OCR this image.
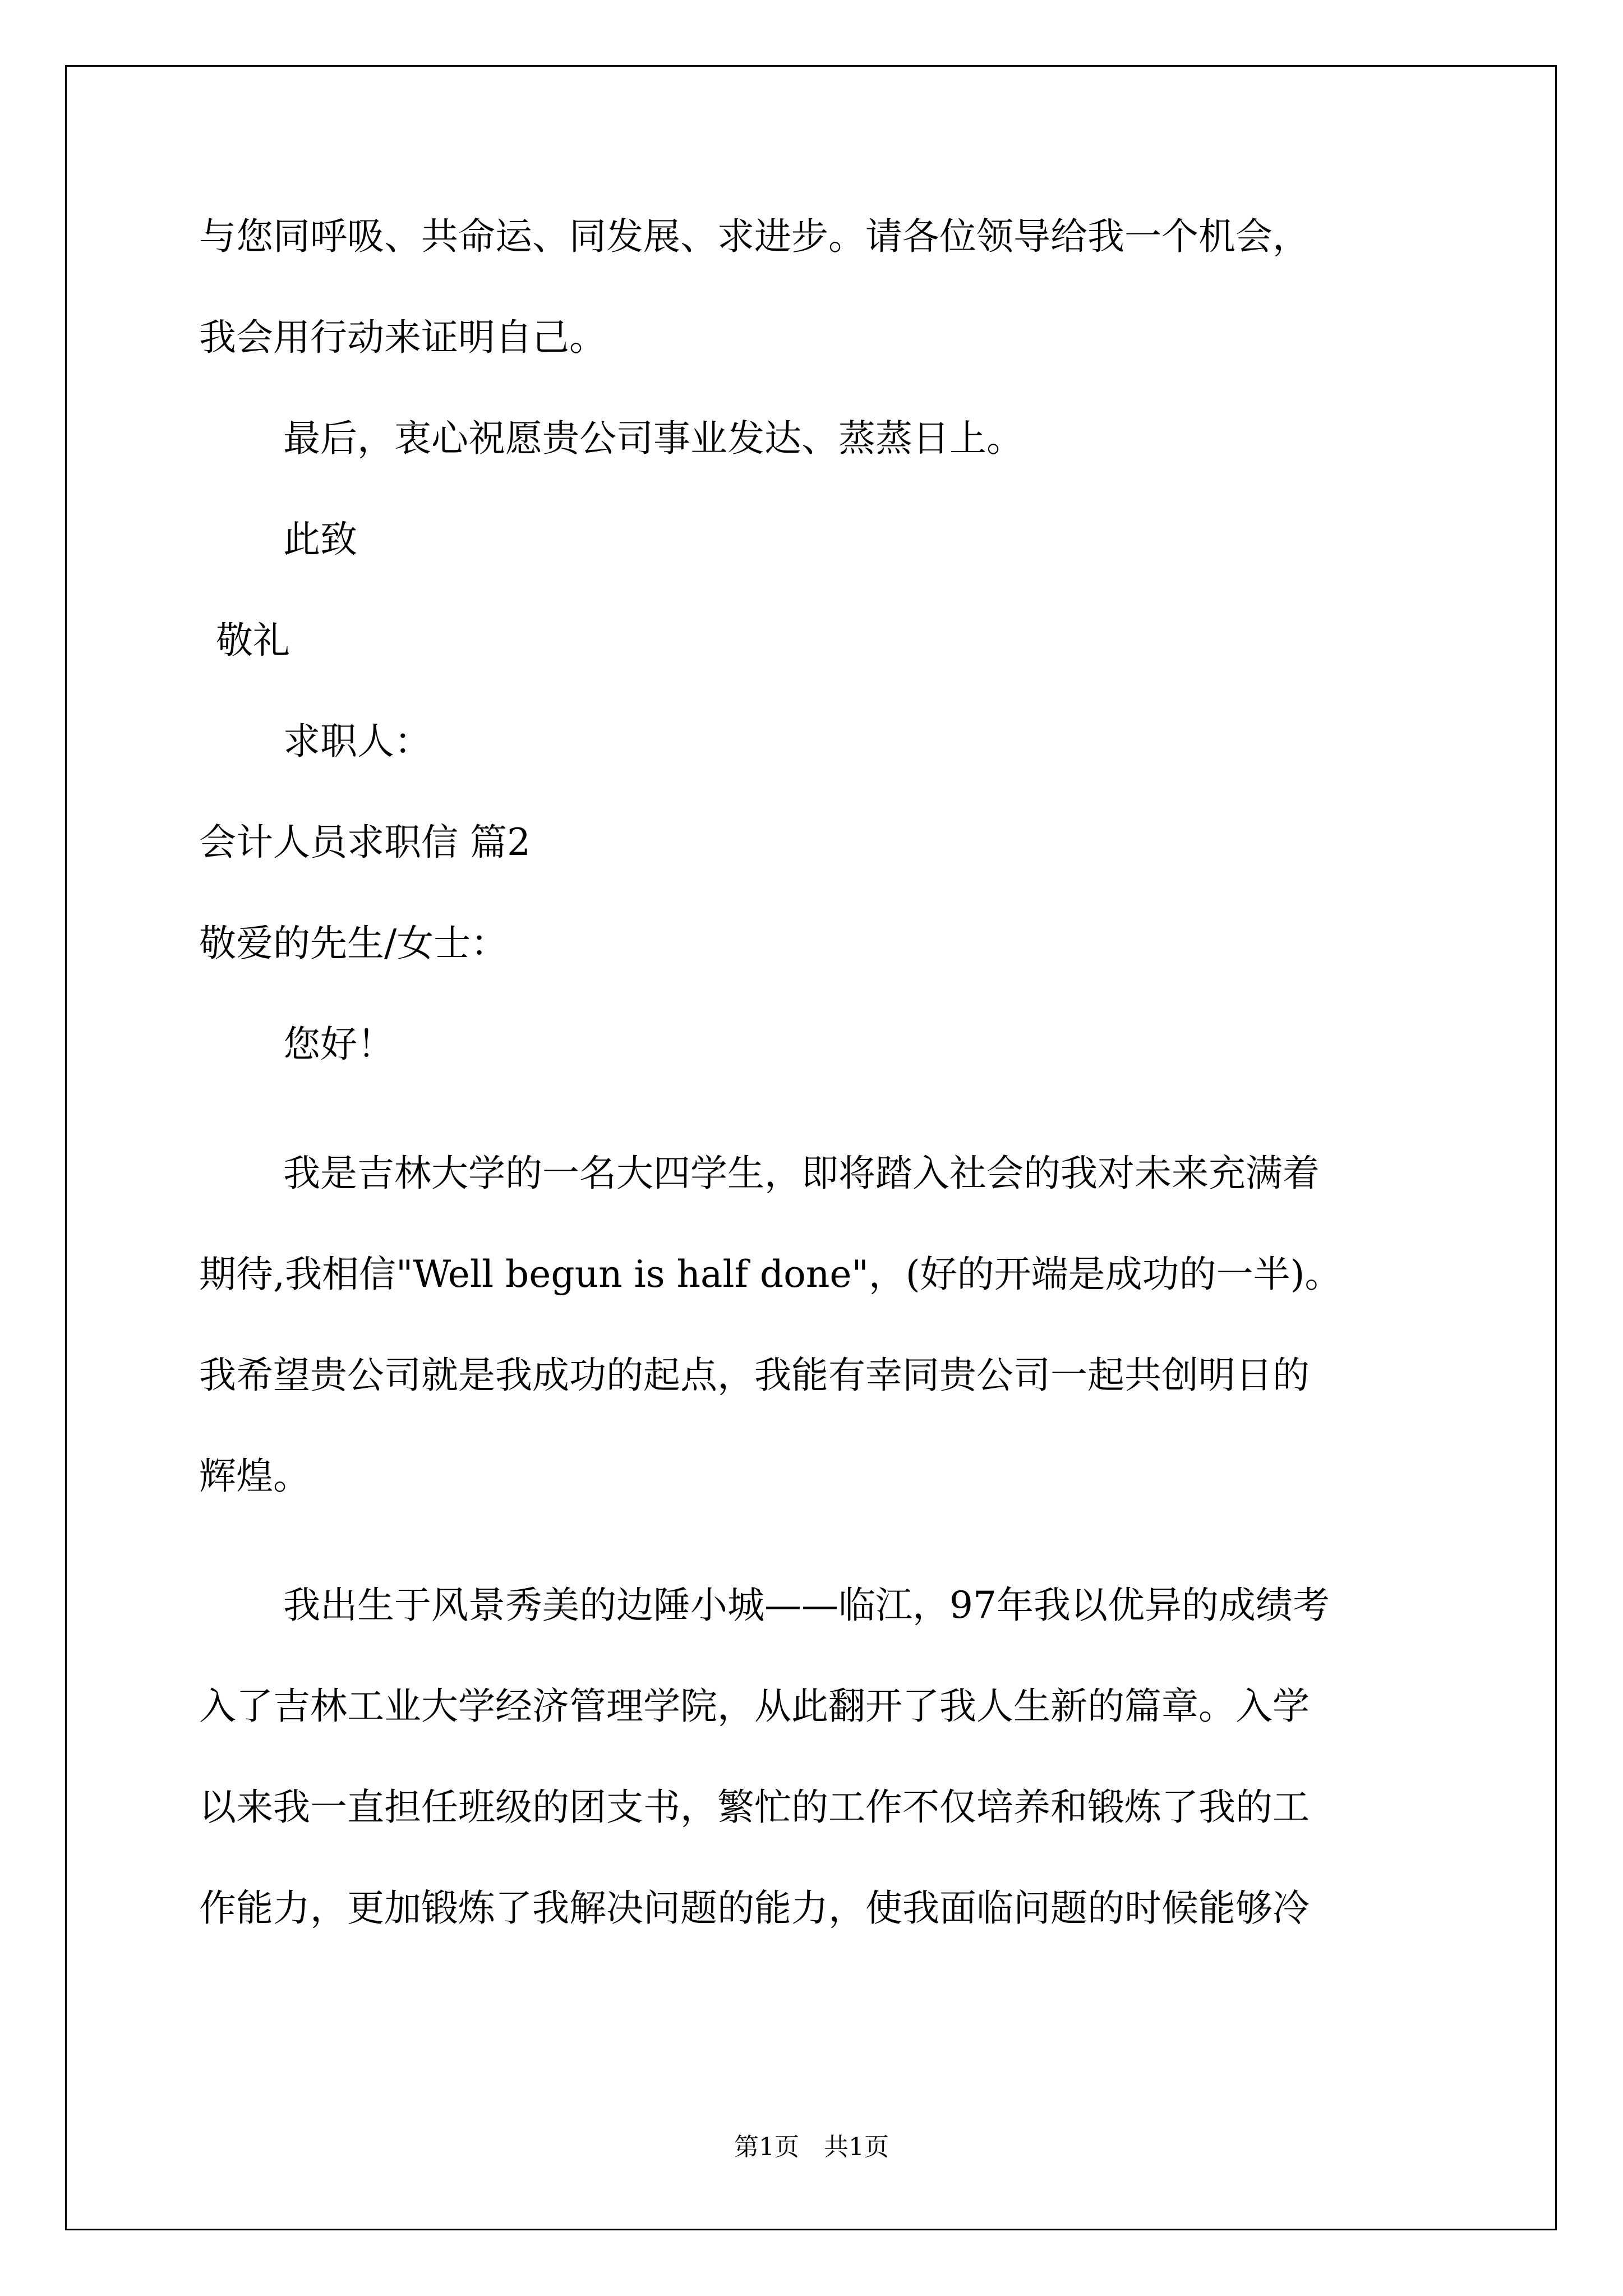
与您同呼吸、共命运、同发展、求进步。请各位领导给我一个机会，
我会用行动来证明自己。
最后，衷心祝愿贵公司事业发达、蒸蒸日上。
此致
敬礼
求职人：
会计人员求职信 篇2
敬爱的先生/女士：
您好！
我是吉林大学的一名大四学生，即将踏入社会的我对未来充满着
期待,我相信"Well begun is half done"，(好的开端是成功的一半)。
我希望贵公司就是我成功的起点，我能有幸同贵公司一起共创明日的
辉煌。
我出生于风景秀美的边陲小城——临江，97年我以优异的成绩考
入了吉林工业大学经济管理学院，从此翻开了我人生新的篇章。入学
以来我一直担任班级的团支书，繁忙的工作不仅培养和锻炼了我的工
作能力，更加锻炼了我解决问题的能力，使我面临问题的时候能够冷
第1页　共1页
